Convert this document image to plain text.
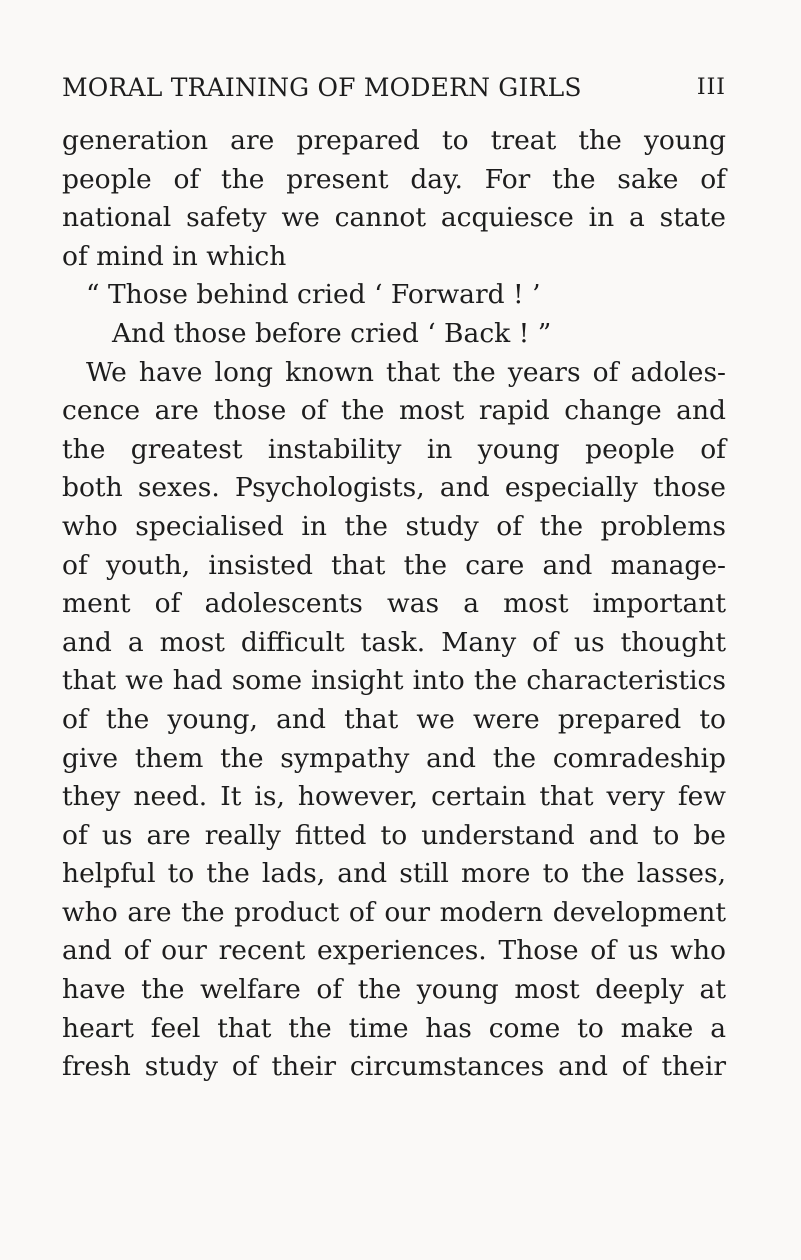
MORAL TRAINING OF MODERN GIRLS	III
generation are prepared to treat the young
people of the present day. For the sake of
national safety we cannot acquiesce in a state
of mind in which
“ Those behind cried ‘ Forward ! ’
And those before cried ‘ Back ! ”
We have long known that the years of adoles-
cence are those of the most rapid change and
the greatest instability in young people of
both sexes. Psychologists, and especially those
who specialised in the study of the problems
of youth, insisted that the care and manage-
ment of adolescents was a most important
and a most difficult task. Many of us thought
that we had some insight into the characteristics
of the young, and that we were prepared to
give them the sympathy and the comradeship
they need. It is, however, certain that very few
of us are really fitted to understand and to be
helpful to the lads, and still more to the lasses,
who are the product of our modern development
and of our recent experiences. Those of us who
have the welfare of the young most deeply at
heart feel that the time has come to make a
fresh study of their circumstances and of their
